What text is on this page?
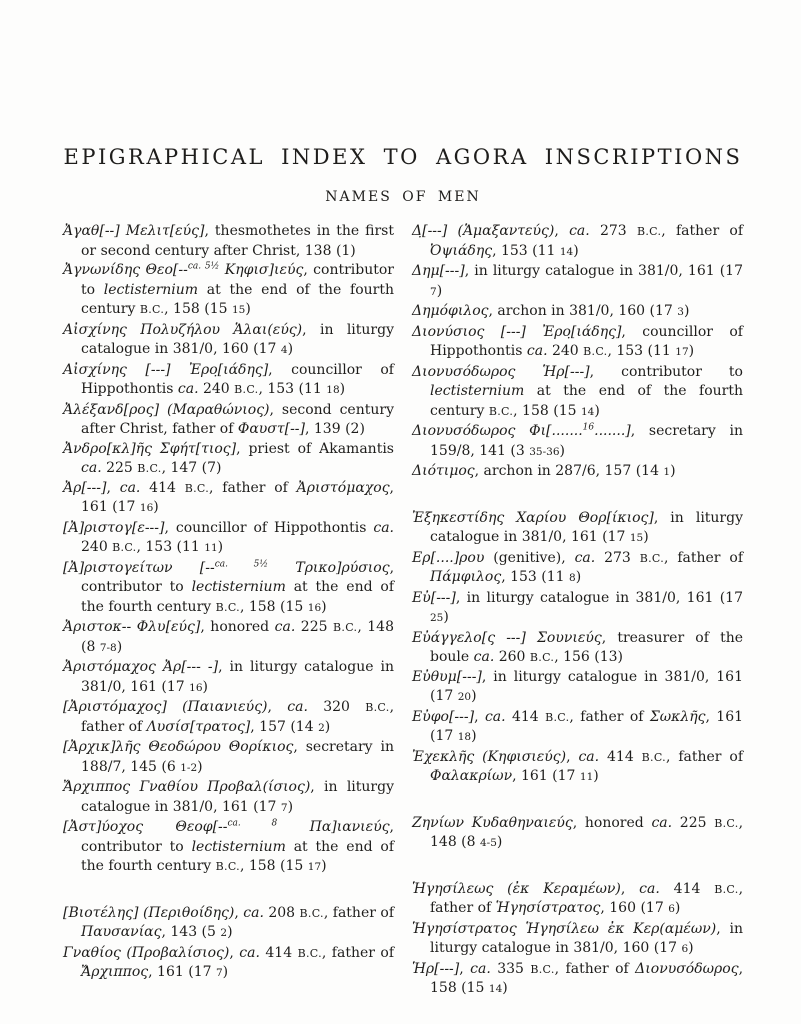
EPIGRAPHICAL INDEX TO AGORA INSCRIPTIONS
NAMES OF MEN

Ἀγαθ[--] Μελιτ[εύς], thesmothetes in the first or second century after Christ, 138 (1)

Ἀγνωνίδης Θεο[--$^{ca. 5\frac{1}{2}}$ Κηφισ]ιεύς, contributor to lectisternium at the end of the fourth century B.C., 158 (15 15)

Αἰσχίνης Πολυζήλου Ἁλαι(εύς), in liturgy catalogue in 381/0, 160 (17 4)

Αἰσχίνης [---] Ἐρο̣[ιάδης], councillor of Hippothontis ca. 240 B.C., 153 (11 18)

Ἀλέξανδ[ρος] (Μαραθώνιος), second century after Christ, father of Φαυστ[--], 139 (2)

Ἀνδρο[κλ]ῆς Σφήτ[τιος], priest of Akamantis ca. 225 B.C., 147 (7)

Ἀρ[---], ca. 414 B.C., father of Ἀριστόμαχος, 161 (17 16)

[Ἀ]ριστογ[ε---], councillor of Hippothontis ca. 240 B.C., 153 (11 11)

[Ἀ]ριστογείτων [--$^{ca. 5\frac{1}{2}}$ Τρικο]ρύσιος, contributor to lectisternium at the end of the fourth century B.C., 158 (15 16)

Ἀριστοκ-- Φλυ[εύς], honored ca. 225 B.C., 148 (8 7-8)

Ἀριστόμαχος Ἀρ[--- -], in liturgy catalogue in 381/0, 161 (17 16)

[Ἀριστόμαχος] (Παιανιεύς), ca. 320 B.C., father of Λυσίσ[τρατος], 157 (14 2)

[Ἀρχικ]λῆς Θεοδώρου Θορίκιος, secretary in 188/7, 145 (6 1-2)

Ἄρχιππος Γναθίου Προβαλ(ίσιος), in liturgy catalogue in 381/0, 161 (17 7)

[Ἀστ]ύοχος Θεοφ[--$^{ca. 8}$ Πα]ιανιεύς, contributor to lectisternium at the end of the fourth century B.C., 158 (15 17)

[Βιοτέλης] (Περιθοίδης), ca. 208 B.C., father of Παυσανίας, 143 (5 2)

Γναθίος (Προβαλίσιος), ca. 414 B.C., father of Ἄρχιππος, 161 (17 7)

Δ̣[---] (Ἁμαξαντεύς), ca. 273 B.C., father of Ὀψιάδης, 153 (11 14)

Δημ[---], in liturgy catalogue in 381/0, 161 (17 7)

Δημόφιλος, archon in 381/0, 160 (17 3)

Διονύσιος [---] Ἐρο̣[ιάδης], councillor of Hippothontis ca. 240 B.C., 153 (11 17)

Διονυσόδωρος Ἡρ[---], contributor to lectisternium at the end of the fourth century B.C., 158 (15 14)

Διονυσόδωρος Φι[.......$^{16}$.......], secretary in 159/8, 141 (3 35-36)

Διότιμος, archon in 287/6, 157 (14 1)

Ἐξηκεστίδης Χαρίου Θορ[ίκιος], in liturgy catalogue in 381/0, 161 (17 15)

Ερ[....]ρου (genitive), ca. 273 B.C., father of Πάμφιλος, 153 (11 8)

Εὐ[---], in liturgy catalogue in 381/0, 161 (17 25)

Εὐάγγελο[ς ---] Σουνιεύς, treasurer of the boule ca. 260 B.C., 156 (13)

Εὐθυμ[---], in liturgy catalogue in 381/0, 161 (17 20)

Εὐφο[---], ca. 414 B.C., father of Σωκλῆς, 161 (17 18)

Ἐχεκλῆς (Κηφισιεύς), ca. 414 B.C., father of Φαλακρίων, 161 (17 11)

Ζηνίων Κυδαθηναιεύς, honored ca. 225 B.C., 148 (8 4-5)

Ἡγησίλεως (ἐκ Κεραμέων), ca. 414 B.C., father of Ἡγησίστρατος, 160 (17 6)

Ἡγησίστρατος Ἡγησίλεω ἐκ Κερ(αμέων), in liturgy catalogue in 381/0, 160 (17 6)

Ἡρ[---], ca. 335 B.C., father of Διονυσόδωρος, 158 (15 14)
